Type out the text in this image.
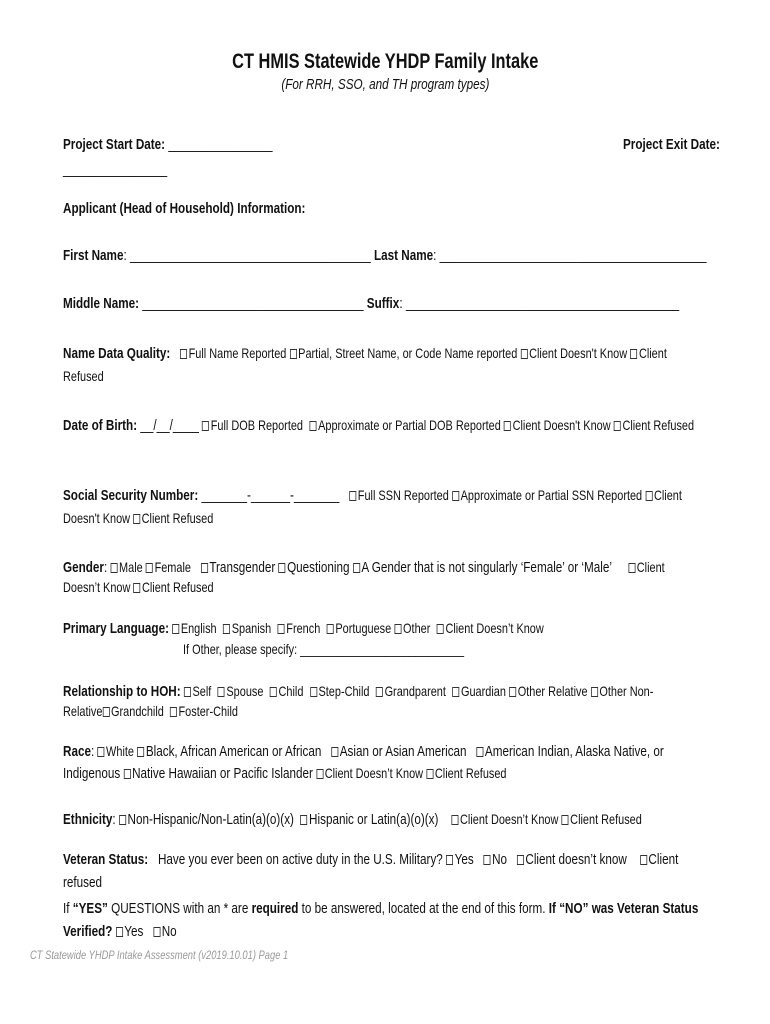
CT HMIS Statewide YHDP Family Intake
(For RRH, SSO, and TH program types)
Project Start Date: ________________	Project Exit Date:
________________
Applicant (Head of Household) Information:
First Name: _____________________________________ Last Name: _________________________________________
Middle Name: __________________________________ Suffix: __________________________________________
Name Data Quality: Full Name Reported Partial, Street Name, or Code Name reported Client Doesn't Know Client
Refused
Date of Birth: __/__/____ Full DOB Reported Approximate or Partial DOB Reported Client Doesn't Know Client Refused
Social Security Number: _______-______-_______ Full SSN Reported Approximate or Partial SSN Reported Client
Doesn't Know Client Refused
Gender: Male Female Transgender Questioning A Gender that is not singularly ‘Female’ or ‘Male’ Client
Doesn’t Know Client Refused
Primary Language: English Spanish French Portuguese Other Client Doesn’t Know
If Other, please specify: ___________________________
Relationship to HOH: Self Spouse Child Step-Child Grandparent Guardian Other Relative Other Non-
Relative Grandchild Foster-Child
Race: White Black, African American or African Asian or Asian American American Indian, Alaska Native, or
Indigenous Native Hawaiian or Pacific Islander Client Doesn’t Know Client Refused
Ethnicity: Non-Hispanic/Non-Latin(a)(o)(x) Hispanic or Latin(a)(o)(x) Client Doesn’t Know Client Refused
Veteran Status: Have you ever been on active duty in the U.S. Military? Yes No Client doesn’t know Client
refused
If “YES” QUESTIONS with an * are required to be answered, located at the end of this form. If “NO” was Veteran Status
Verified? Yes No
CT Statewide YHDP Intake Assessment (v2019.10.01) Page 1
